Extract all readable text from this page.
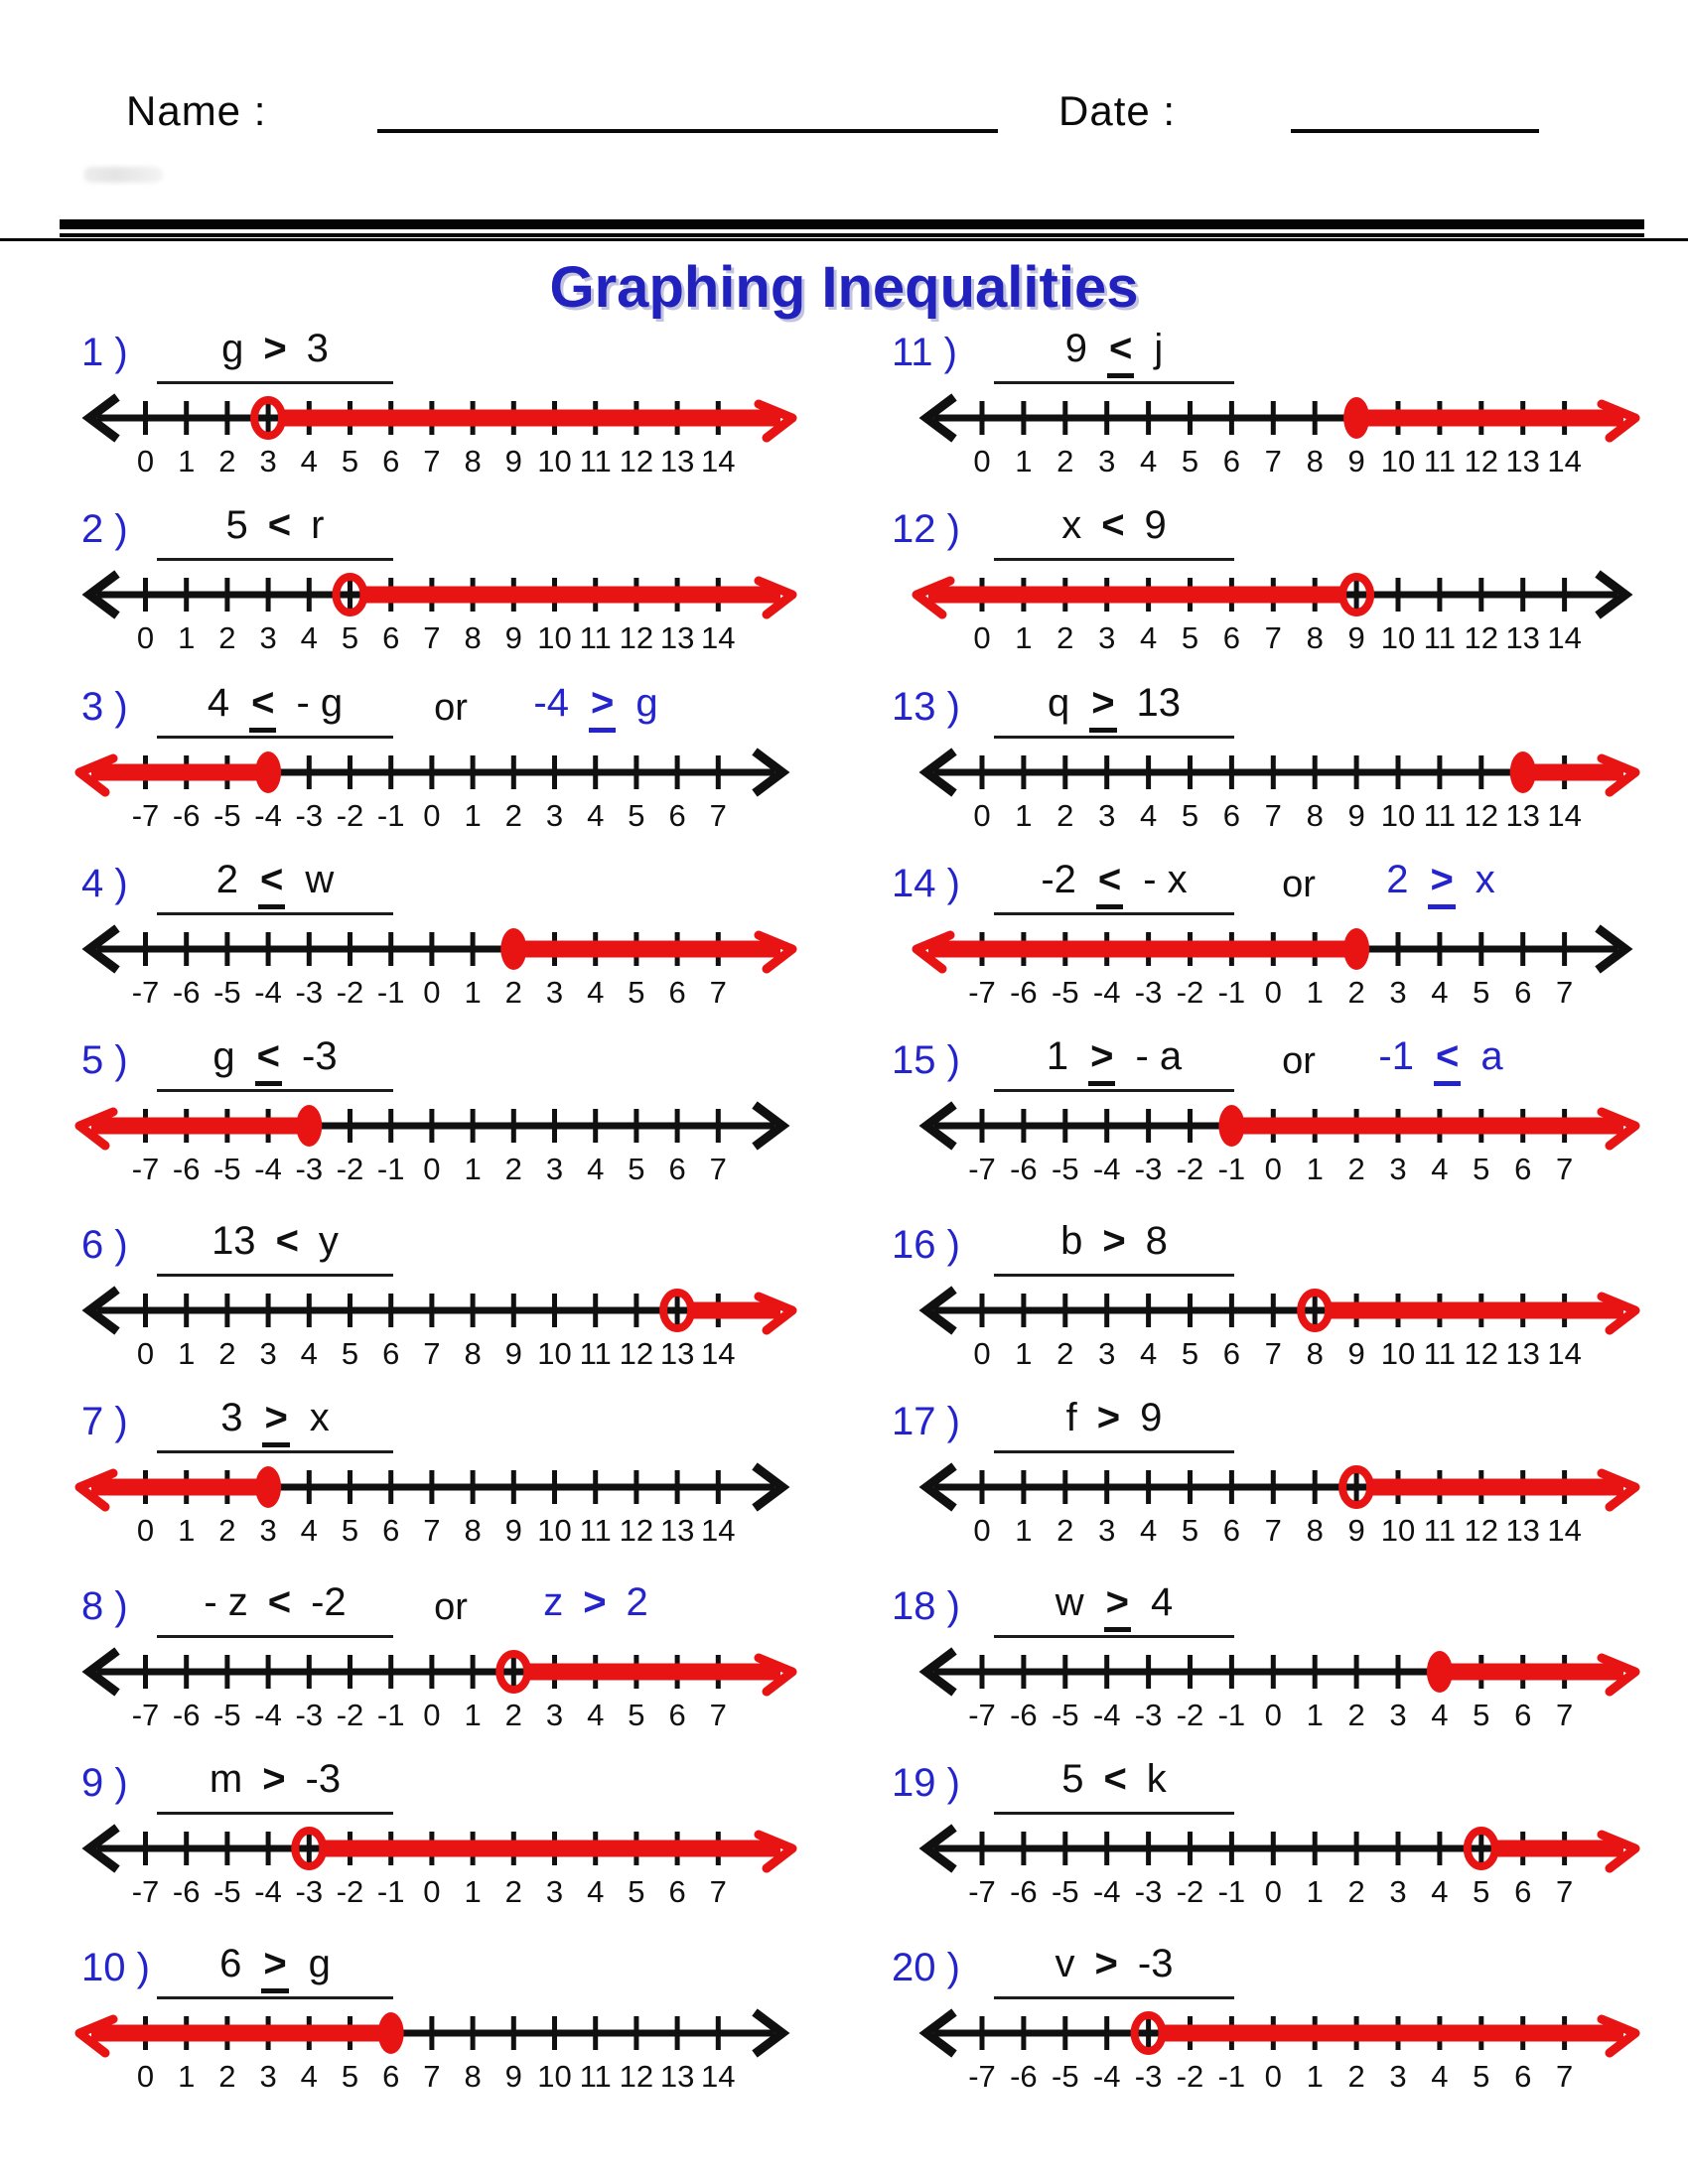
Name :	Date :
Graphing Inequalities
1 ) g > 3
0 1 2 3 4 5 6 7 8 9 10 11 12 13 14
2 ) 5 < r
0 1 2 3 4 5 6 7 8 9 10 11 12 13 14
3 ) 4 < - g	or	-4 > g
-7 -6 -5 -4 -3 -2 -1 0 1 2 3 4 5 6 7
4 ) 2 < w
-7 -6 -5 -4 -3 -2 -1 0 1 2 3 4 5 6 7
5 ) g < -3
-7 -6 -5 -4 -3 -2 -1 0 1 2 3 4 5 6 7
6 ) 13 < y
0 1 2 3 4 5 6 7 8 9 10 11 12 13 14
7 ) 3 > x
0 1 2 3 4 5 6 7 8 9 10 11 12 13 14
8 ) - z < -2	or	z > 2
-7 -6 -5 -4 -3 -2 -1 0 1 2 3 4 5 6 7
9 ) m > -3
-7 -6 -5 -4 -3 -2 -1 0 1 2 3 4 5 6 7
10 ) 6 > g
0 1 2 3 4 5 6 7 8 9 10 11 12 13 14
11 )	9 < j
0 1 2 3 4 5 6 7 8 9 10 11 12 13 14
12 )	x < 9
0 1 2 3 4 5 6 7 8 9 10 11 12 13 14
13 ) q > 13
0 1 2 3 4 5 6 7 8 9 10 11 12 13 14
14 ) -2 < - x	or	2 > x
-7 -6 -5 -4 -3 -2 -1 0 1 2 3 4 5 6 7
15 ) 1 > - a	or	-1 < a
-7 -6 -5 -4 -3 -2 -1 0 1 2 3 4 5 6 7
16 )	b > 8
0 1 2 3 4 5 6 7 8 9 10 11 12 13 14
17 )	f > 9
0 1 2 3 4 5 6 7 8 9 10 11 12 13 14
18 ) w > 4
-7 -6 -5 -4 -3 -2 -1 0 1 2 3 4 5 6 7
19 )	5 < k
-7 -6 -5 -4 -3 -2 -1 0 1 2 3 4 5 6 7
20 ) v > -3
-7 -6 -5 -4 -3 -2 -1 0 1 2 3 4 5 6 7
